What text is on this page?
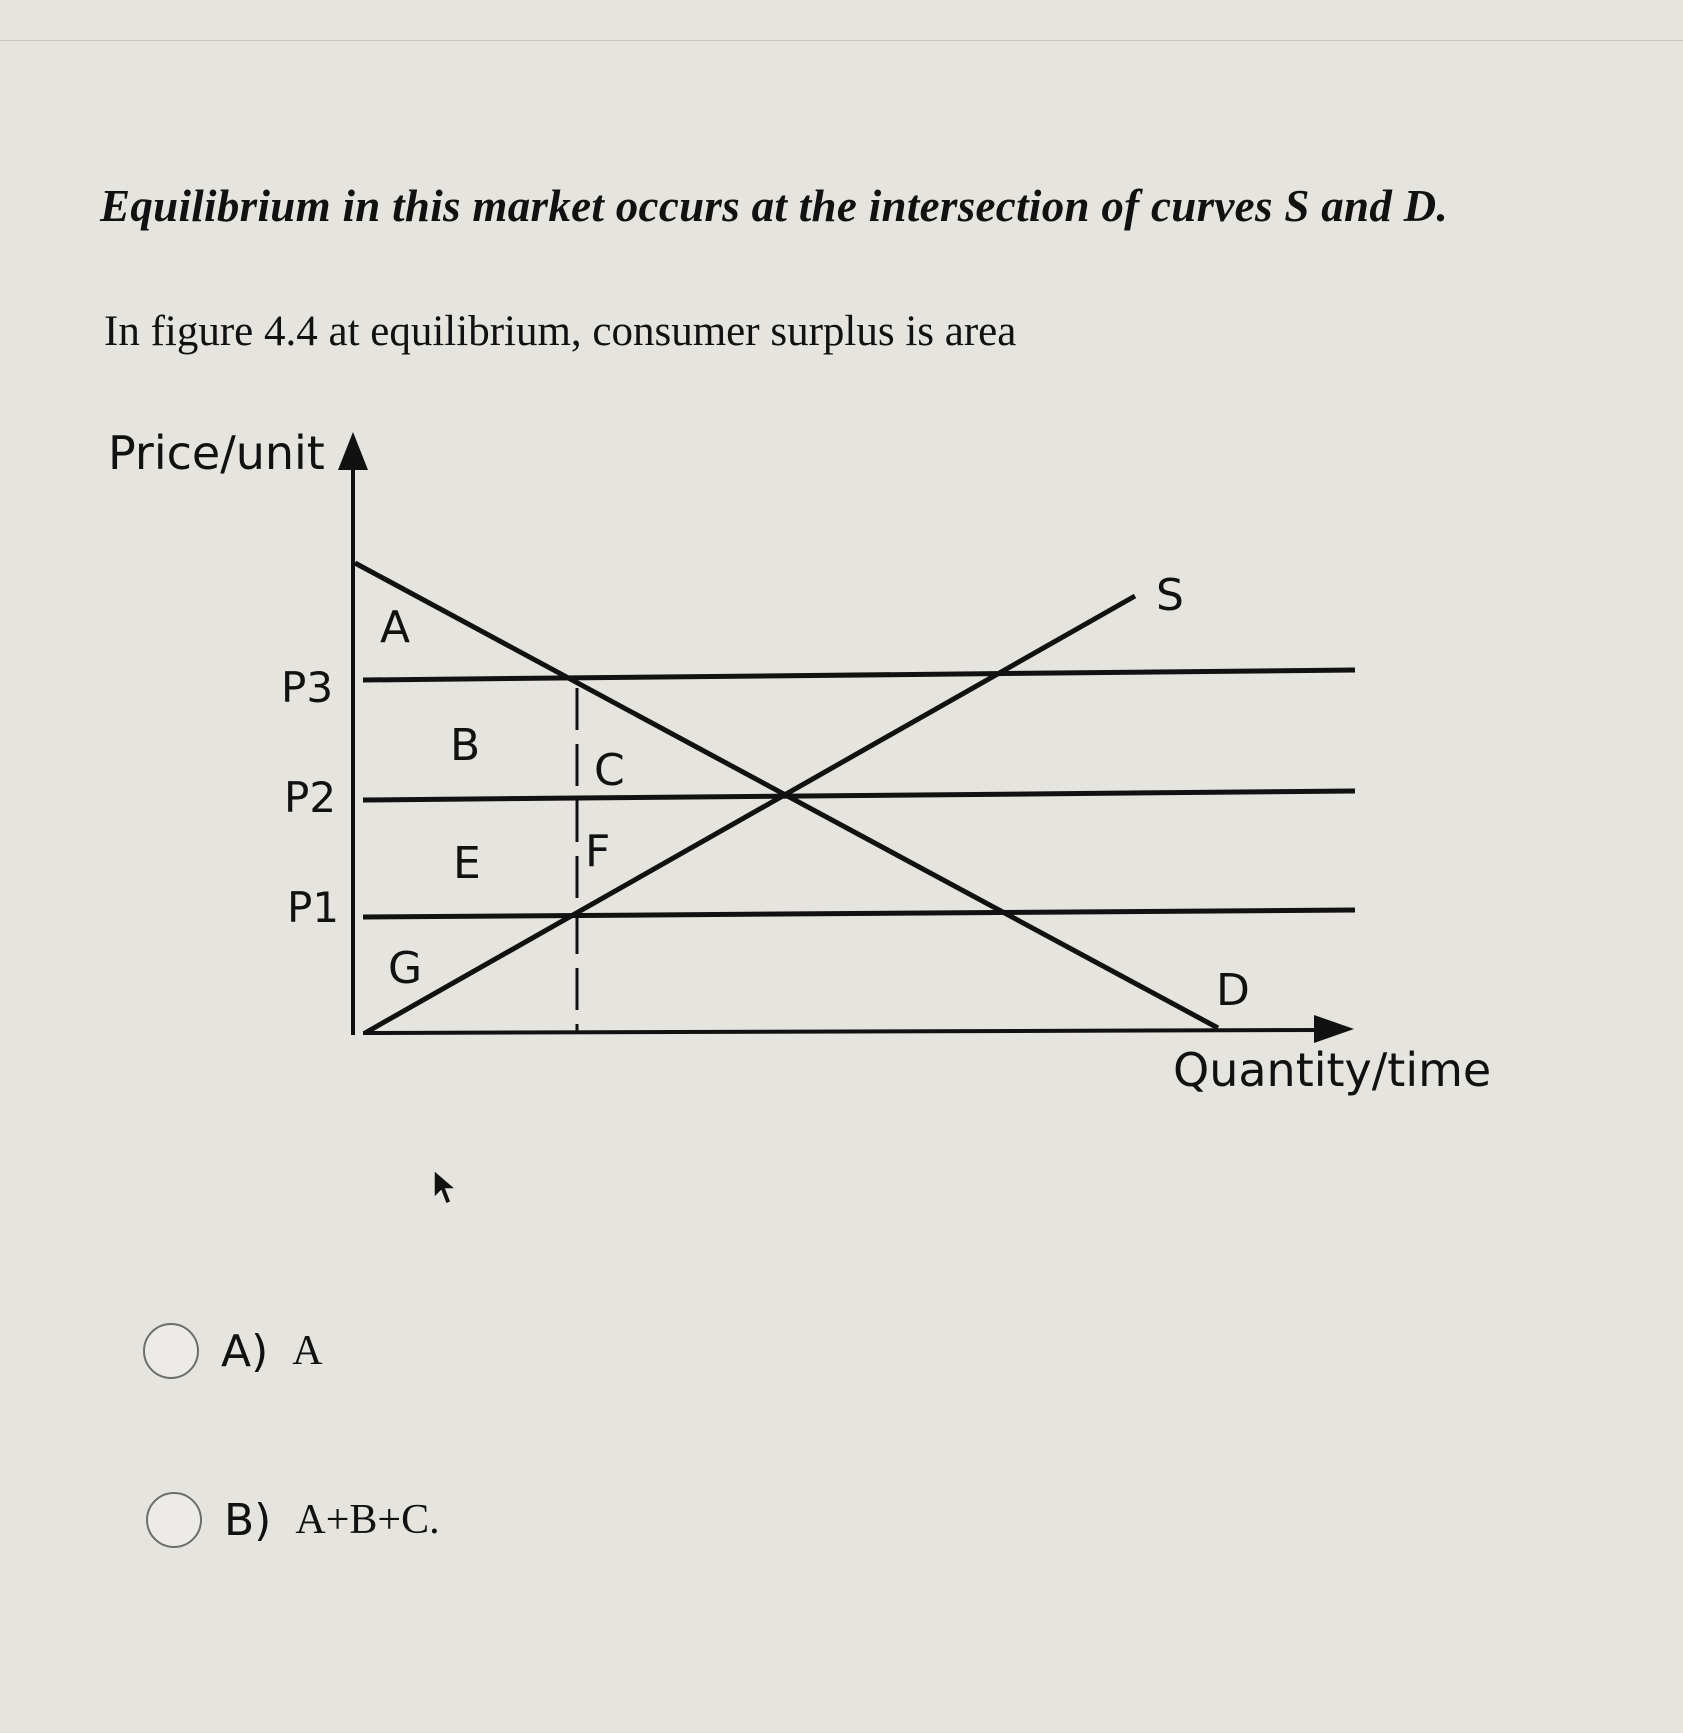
Equilibrium in this market occurs at the intersection of curves S and D.
In figure 4.4 at equilibrium, consumer surplus is area
Price/unit
Quantity/time
P3
P2
P1
S
D
A
B	C
E F
G
A) A
B) A+B+C.
